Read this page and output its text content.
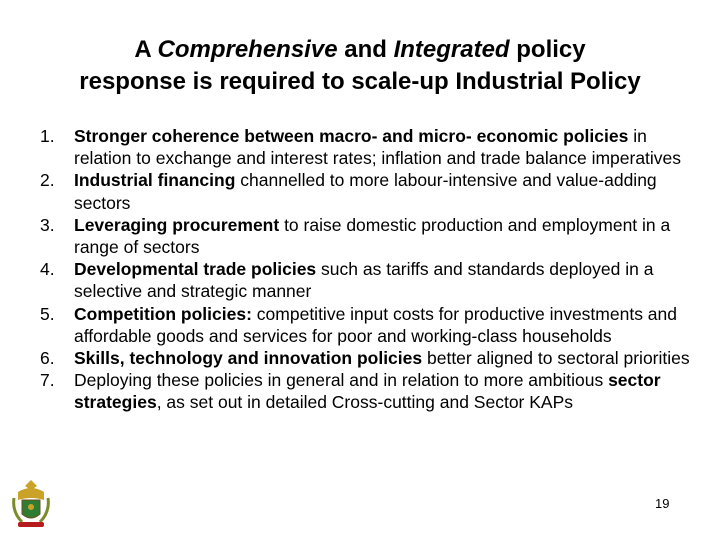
A Comprehensive and Integrated policy
response is required to scale-up Industrial Policy
1. Stronger coherence between macro- and micro- economic policies in relation to exchange and interest rates; inflation and trade balance imperatives
2. Industrial financing channelled to more labour-intensive and value-adding sectors
3. Leveraging procurement to raise domestic production and employment in a range of sectors
4. Developmental trade policies such as tariffs and standards deployed in a selective and strategic manner
5. Competition policies: competitive input costs for productive investments and affordable goods and services for poor and working-class households
6. Skills, technology and innovation policies better aligned to sectoral priorities
7. Deploying these policies in general and in relation to more ambitious sector strategies, as set out in detailed Cross-cutting and Sector KAPs
19
